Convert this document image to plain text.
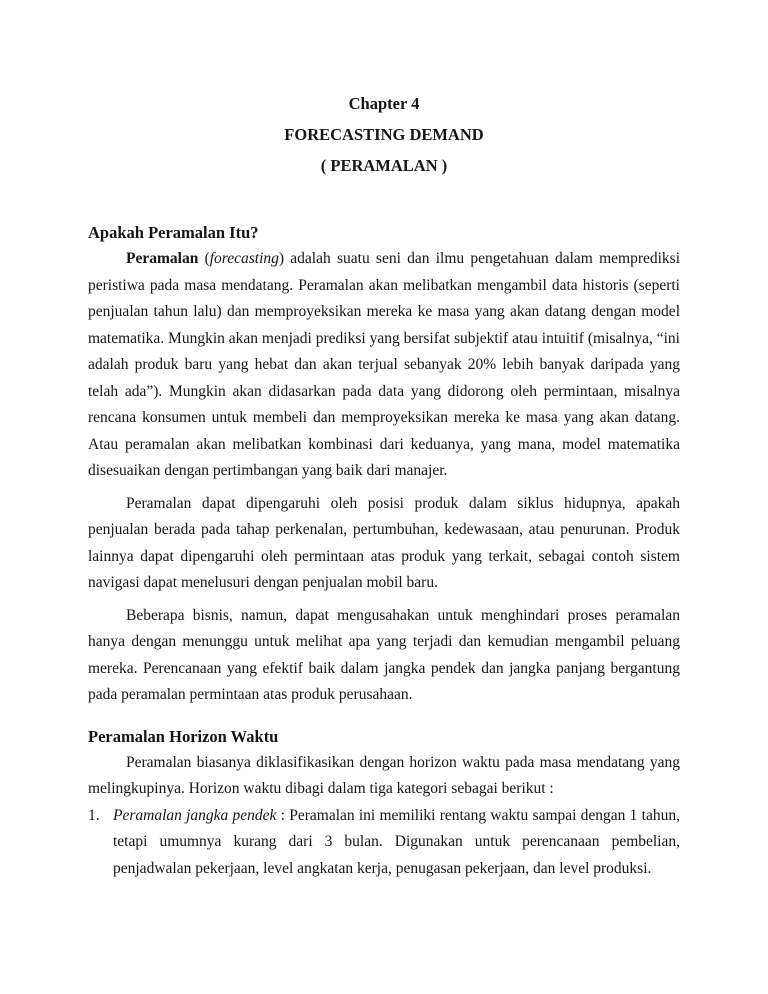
Chapter 4
FORECASTING DEMAND
( PERAMALAN )
Apakah Peramalan Itu?

Peramalan (forecasting) adalah suatu seni dan ilmu pengetahuan dalam memprediksi peristiwa pada masa mendatang. Peramalan akan melibatkan mengambil data historis (seperti penjualan tahun lalu) dan memproyeksikan mereka ke masa yang akan datang dengan model matematika. Mungkin akan menjadi prediksi yang bersifat subjektif atau intuitif (misalnya, “ini adalah produk baru yang hebat dan akan terjual sebanyak 20% lebih banyak daripada yang telah ada”). Mungkin akan didasarkan pada data yang didorong oleh permintaan, misalnya rencana konsumen untuk membeli dan memproyeksikan mereka ke masa yang akan datang. Atau peramalan akan melibatkan kombinasi dari keduanya, yang mana, model matematika disesuaikan dengan pertimbangan yang baik dari manajer.

Peramalan dapat dipengaruhi oleh posisi produk dalam siklus hidupnya, apakah penjualan berada pada tahap perkenalan, pertumbuhan, kedewasaan, atau penurunan. Produk lainnya dapat dipengaruhi oleh permintaan atas produk yang terkait, sebagai contoh sistem navigasi dapat menelusuri dengan penjualan mobil baru.

Beberapa bisnis, namun, dapat mengusahakan untuk menghindari proses peramalan hanya dengan menunggu untuk melihat apa yang terjadi dan kemudian mengambil peluang mereka. Perencanaan yang efektif baik dalam jangka pendek dan jangka panjang bergantung pada peramalan permintaan atas produk perusahaan.

Peramalan Horizon Waktu

Peramalan biasanya diklasifikasikan dengan horizon waktu pada masa mendatang yang melingkupinya. Horizon waktu dibagi dalam tiga kategori sebagai berikut :

1. Peramalan jangka pendek : Peramalan ini memiliki rentang waktu sampai dengan 1 tahun, tetapi umumnya kurang dari 3 bulan. Digunakan untuk perencanaan pembelian, penjadwalan pekerjaan, level angkatan kerja, penugasan pekerjaan, dan level produksi.
